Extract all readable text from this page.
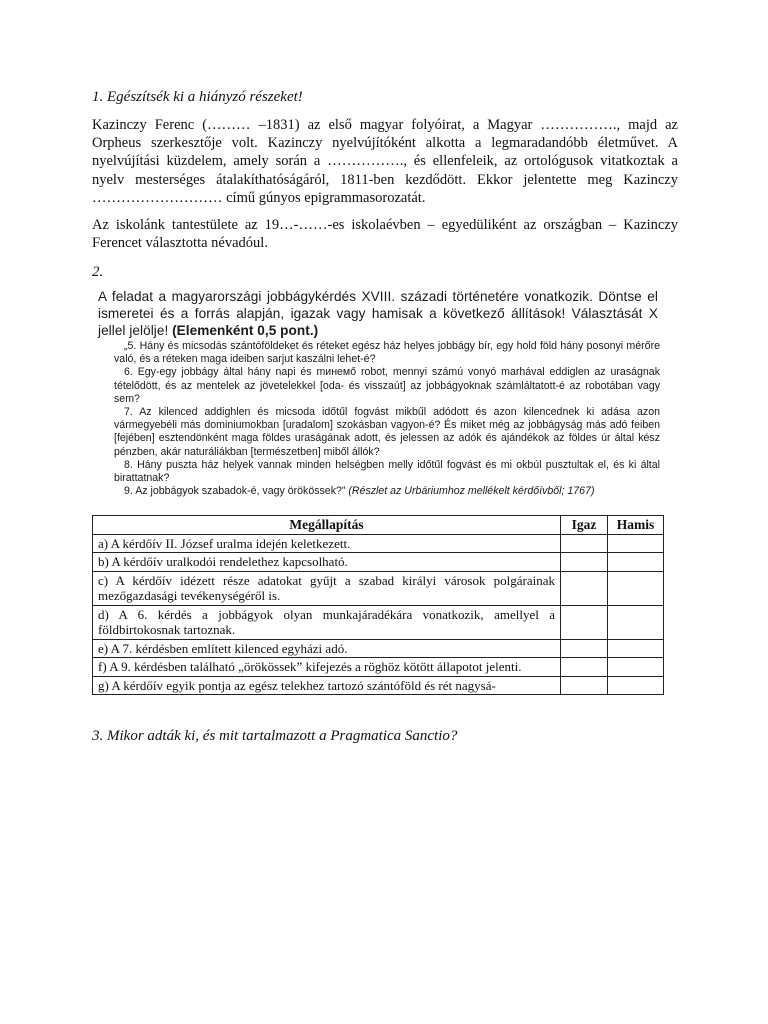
1. Egészítsék ki a hiányzó részeket!
Kazinczy Ferenc (……… –1831) az első magyar folyóirat, a Magyar ……………., majd az Orpheus szerkesztője volt. Kazinczy nyelvújítóként alkotta a legmaradandóbb életművet. A nyelvújítási küzdelem, amely során a ……………., és ellenfeleik, az ortológusok vitatkoztak a nyelv mesterséges átalakíthatóságáról, 1811-ben kezdődött. Ekkor jelentette meg Kazinczy ……………………… című gúnyos epigrammasorozatát.
Az iskolánk tantestülete az 19…-……-es iskolaévben – egyedüliként az országban – Kazinczy Ferencet választotta névadóul.
2.
A feladat a magyarországi jobbágykérdés XVIII. századi történetére vonatkozik. Döntse el ismeretei és a forrás alapján, igazak vagy hamisak a következő állítások! Választását X jellel jelölje! (Elemenként 0,5 pont.)

„5. Hány és micsodás szántóföldeket és réteket egész ház helyes jobbágy bír, egy hold föld hány posonyi mérőre való, és a réteken maga ideiben sarjut kaszálni lehet-é?

6. Egy-egy jobbágy által hány napi és mинемő robot, mennyi számú vonyó marhával eddiglen az uraságnak tételődött, és az mentelek az jövetelekkel [oda- és visszaút] az jobbágyoknak számláltatott-é az robotában vagy sem?

7. Az kilenced addighlen és micsoda időtűl fogvást mikbűl adódott és azon kilencednek ki adása azon vármegyebéli más dominiumokban [uradalom] szokásban vagyon-é? És miket még az jobbágyság más adó feiben [fejében] esztendönként maga földes uraságának adott, és jelessen az adók és ajándékok az földes úr által kész pénzben, akár naturáliákban [természetben] miből állók?

8. Hány puszta ház helyek vannak minden helségben melly időtűl fogvást és mi okbúl pusztultak el, és ki által birattatnak?

9. Az jobbágyok szabadok-é, vagy örökössek?” (Részlet az Urbáriumhoz mellékelt kérdőívből; 1767)

Megállapítás	Igaz	Hamis
a) A kérdőív II. József uralma idején keletkezett.		
b) A kérdőív uralkodói rendelethez kapcsolható.		
c) A kérdőív idézett része adatokat gyűjt a szabad királyi városok polgárainak mezőgazdasági tevékenységéről is.		
d) A 6. kérdés a jobbágyok olyan munkajáradékára vonatkozik, amellyel a földbirtokosnak tartoznak.		
e) A 7. kérdésben említett kilenced egyházi adó.		
f) A 9. kérdésben található „örökössek” kifejezés a röghöz kötött állapotot jelenti.		
g) A kérdőív egyik pontja az egész telekhez tartozó szántóföld és rét nagysá-		
3. Mikor adták ki, és mit tartalmazott a Pragmatica Sanctio?
